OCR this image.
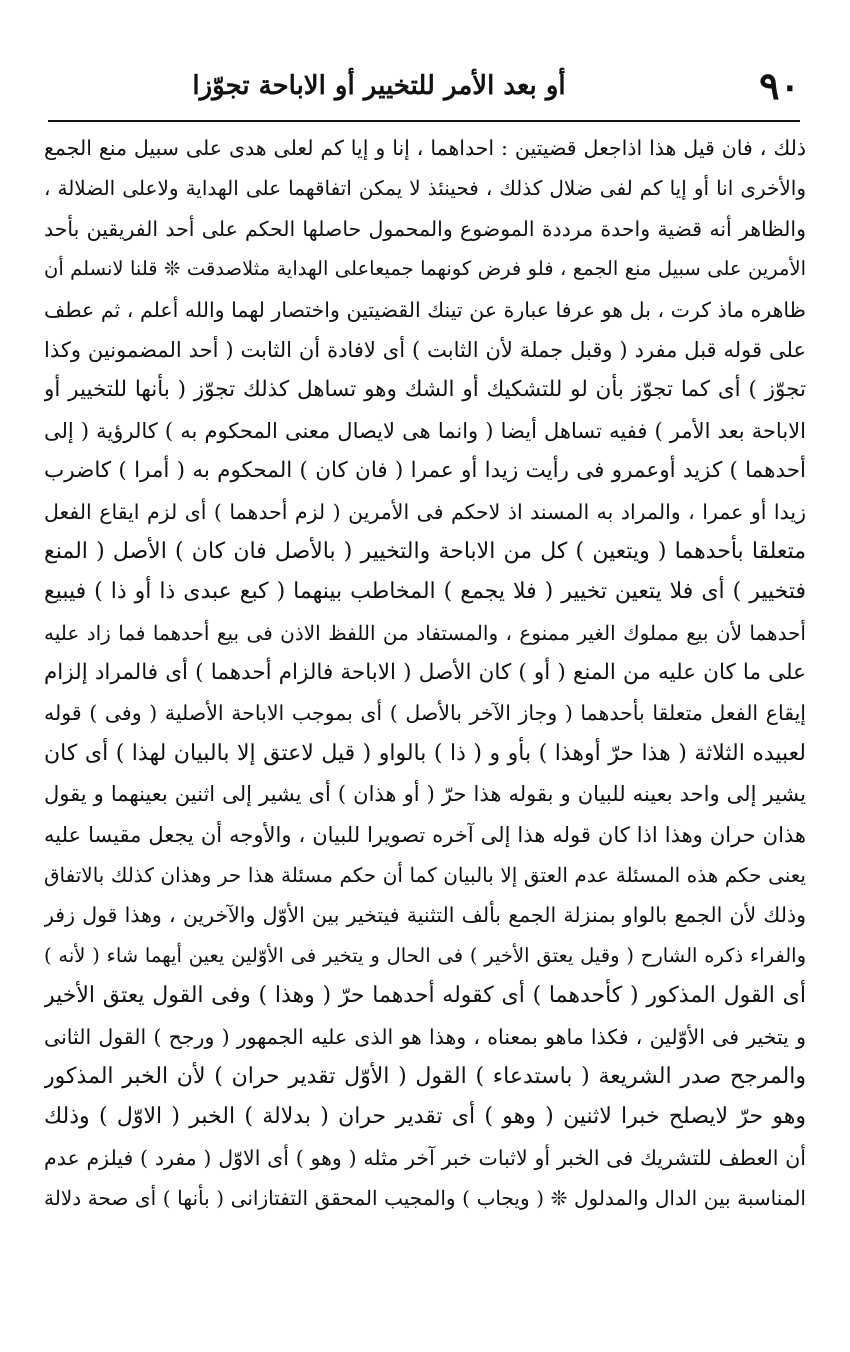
٩٠
أو بعد الأمر للتخيير أو الاباحة تجوّزا
ذلك ، فان قيل هذا اذاجعل قضيتين : احداهما ، إنا و إيا كم لعلى هدى على سبيل منع الجمع
والأخرى انا أو إيا كم لفى ضلال كذلك ، فحينئذ لا يمكن اتفاقهما على الهداية ولاعلى الضلالة ،
والظاهر أنه قضية واحدة مرددة الموضوع والمحمول حاصلها الحكم على أحد الفريقين بأحد
الأمرين على سبيل منع الجمع ، فلو فرض كونهما جميعاعلى الهداية مثلاصدقت ❊ قلنا لانسلم أن
ظاهره ماذ كرت ، بل هو عرفا عبارة عن تينك القضيتين واختصار لهما والله أعلم ، ثم عطف
على قوله قبل مفرد ( وقبل جملة لأن الثابت ) أى لافادة أن الثابت ( أحد المضمونين وكذا
تجوّز ) أى كما تجوّز بأن لو للتشكيك أو الشك وهو تساهل كذلك تجوّز ( بأنها للتخيير أو
الاباحة بعد الأمر ) ففيه تساهل أيضا ( وانما هى لايصال معنى المحكوم به ) كالرؤية ( إلى
أحدهما ) كزيد أوعمرو فى رأيت زيدا أو عمرا ( فان كان ) المحكوم به ( أمرا ) كاضرب
زيدا أو عمرا ، والمراد به المسند اذ لاحكم فى الأمرين ( لزم أحدهما ) أى لزم ايقاع الفعل
متعلقا بأحدهما ( ويتعين ) كل من الاباحة والتخيير ( بالأصل فان كان ) الأصل ( المنع
فتخيير ) أى فلا يتعين تخيير ( فلا يجمع ) المخاطب بينهما ( كبع عبدى ذا أو ذا ) فيبيع
أحدهما لأن بيع مملوك الغير ممنوع ، والمستفاد من اللفظ الاذن فى بيع أحدهما فما زاد عليه
على ما كان عليه من المنع ( أو ) كان الأصل ( الاباحة فالزام أحدهما ) أى فالمراد إلزام
إيقاع الفعل متعلقا بأحدهما ( وجاز الآخر بالأصل ) أى بموجب الاباحة الأصلية ( وفى ) قوله
لعبيده الثلاثة ( هذا حرّ أوهذا ) بأو و ( ذا ) بالواو ( قيل لاعتق إلا بالبيان لهذا ) أى كان
يشير إلى واحد بعينه للبيان و بقوله هذا حرّ ( أو هذان ) أى يشير إلى اثنين بعينهما و يقول
هذان حران وهذا اذا كان قوله هذا إلى آخره تصويرا للبيان ، والأوجه أن يجعل مقيسا عليه
يعنى حكم هذه المسئلة عدم العتق إلا بالبيان كما أن حكم مسئلة هذا حر وهذان كذلك بالاتفاق
وذلك لأن الجمع بالواو بمنزلة الجمع بألف التثنية فيتخير بين الأوّل والآخرين ، وهذا قول زفر
والفراء ذكره الشارح ( وقيل يعتق الأخير ) فى الحال و يتخير فى الأوّلين يعين أيهما شاء ( لأنه )
أى القول المذكور ( كأحدهما ) أى كقوله أحدهما حرّ ( وهذا ) وفى القول يعتق الأخير
و يتخير فى الأوّلين ، فكذا ماهو بمعناه ، وهذا هو الذى عليه الجمهور ( ورجح ) القول الثانى
والمرجح صدر الشريعة ( باستدعاء ) القول ( الأوّل تقدير حران ) لأن الخبر المذكور
وهو حرّ لايصلح خبرا لاثنين ( وهو ) أى تقدير حران ( بدلالة ) الخبر ( الاوّل ) وذلك
أن العطف للتشريك فى الخبر أو لاثبات خبر آخر مثله ( وهو ) أى الاوّل ( مفرد ) فيلزم عدم
المناسبة بين الدال والمدلول ❊ ( ويجاب ) والمجيب المحقق التفتازانى ( بأنها ) أى صحة دلالة
